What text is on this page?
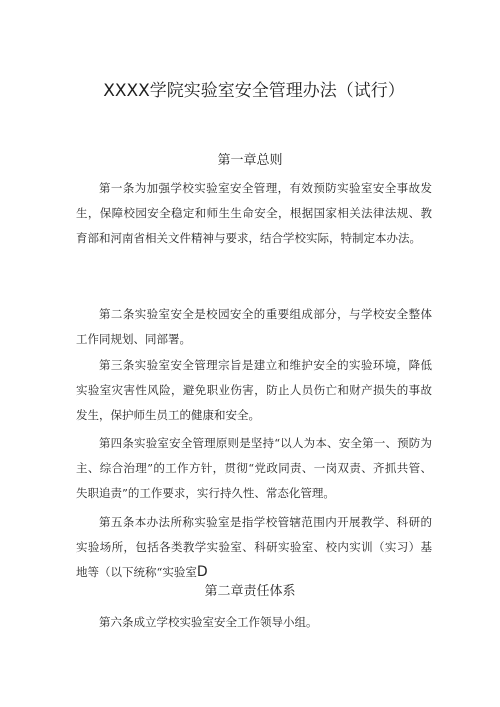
XXXX学院实验室安全管理办法（试行）
第一章总则

第一条为加强学校实验室安全管理，有效预防实验室安全事故发生，保障校园安全稳定和师生生命安全，根据国家相关法律法规、教育部和河南省相关文件精神与要求，结合学校实际，特制定本办法。

第二条实验室安全是校园安全的重要组成部分，与学校安全整体工作同规划、同部署。

第三条实验室安全管理宗旨是建立和维护安全的实验环境，降低实验室灾害性风险，避免职业伤害，防止人员伤亡和财产损失的事故发生，保护师生员工的健康和安全。

第四条实验室安全管理原则是坚持“以人为本、安全第一、预防为主、综合治理”的工作方针，贯彻“党政同责、一岗双责、齐抓共管、失职追责”的工作要求，实行持久性、常态化管理。

第五条本办法所称实验室是指学校管辖范围内开展教学、科研的实验场所，包括各类教学实验室、科研实验室、校内实训（实习）基地等（以下统称“实验室D

第二章责任体系

第六条成立学校实验室安全工作领导小组。
